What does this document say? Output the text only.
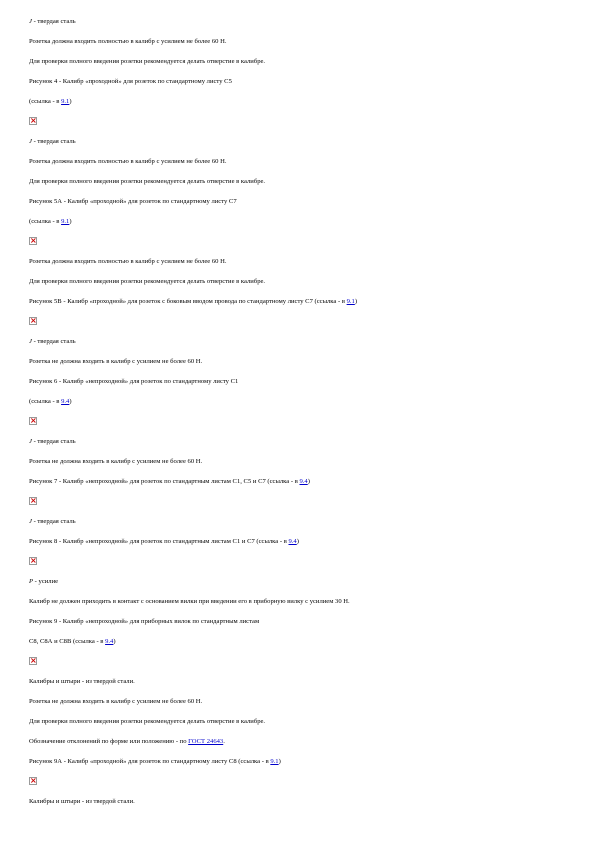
J - твердая сталь
Розетка должна входить полностью в калибр с усилием не более 60 Н.
Для проверки полного введения розетки рекомендуется делать отверстие в калибре.
Рисунок 4 - Калибр «проходной» для розеток по стандартному листу С5
(ссылка - в 9.1)
×
J - твердая сталь
Розетка должна входить полностью в калибр с усилием не более 60 Н.
Для проверки полного введения розетки рекомендуется делать отверстие в калибре.
Рисунок 5А - Калибр «проходной» для розеток по стандартному листу С7
(ссылка - в 9.1)
×
Розетка должна входить полностью в калибр с усилием не более 60 Н.
Для проверки полного введения розетки рекомендуется делать отверстие в калибре.
Рисунок 5В - Калибр «проходной» для розеток с боковым вводом провода по стандартному листу С7 (ссылка - в 9.1)
×
J - твердая сталь
Розетка не должна входить в калибр с усилием не более 60 Н.
Рисунок 6 - Калибр «непроходной» для розеток по стандартному листу С1
(ссылка - в 9.4)
×
J - твердая сталь
Розетка не должна входить в калибр с усилием не более 60 Н.
Рисунок 7 - Калибр «непроходной» для розеток по стандартным листам С1, С5 и С7 (ссылка - в 9.4)
×
J - твердая сталь
Рисунок 8 - Калибр «непроходной» для розеток по стандартным листам С1 и С7 (ссылка - в 9.4)
×
P - усилие
Калибр не должен приходить в контакт с основанием вилки при введении его в приборную вилку с усилием 30 Н.
Рисунок 9 - Калибр «непроходной» для приборных вилок по стандартным листам
С8, С8А и С8В (ссылка - в 9.4)
×
Калибры и штыри - из твердой стали.
Розетка не должна входить в калибр с усилием не более 60 Н.
Для проверки полного введения розетки рекомендуется делать отверстие в калибре.
Обозначение отклонений по форме или положению - по ГОСТ 24643.
Рисунок 9А - Калибр «проходной» для розеток по стандартному листу С8 (ссылка - в 9.1)
×
Калибры и штыри - из твердой стали.
